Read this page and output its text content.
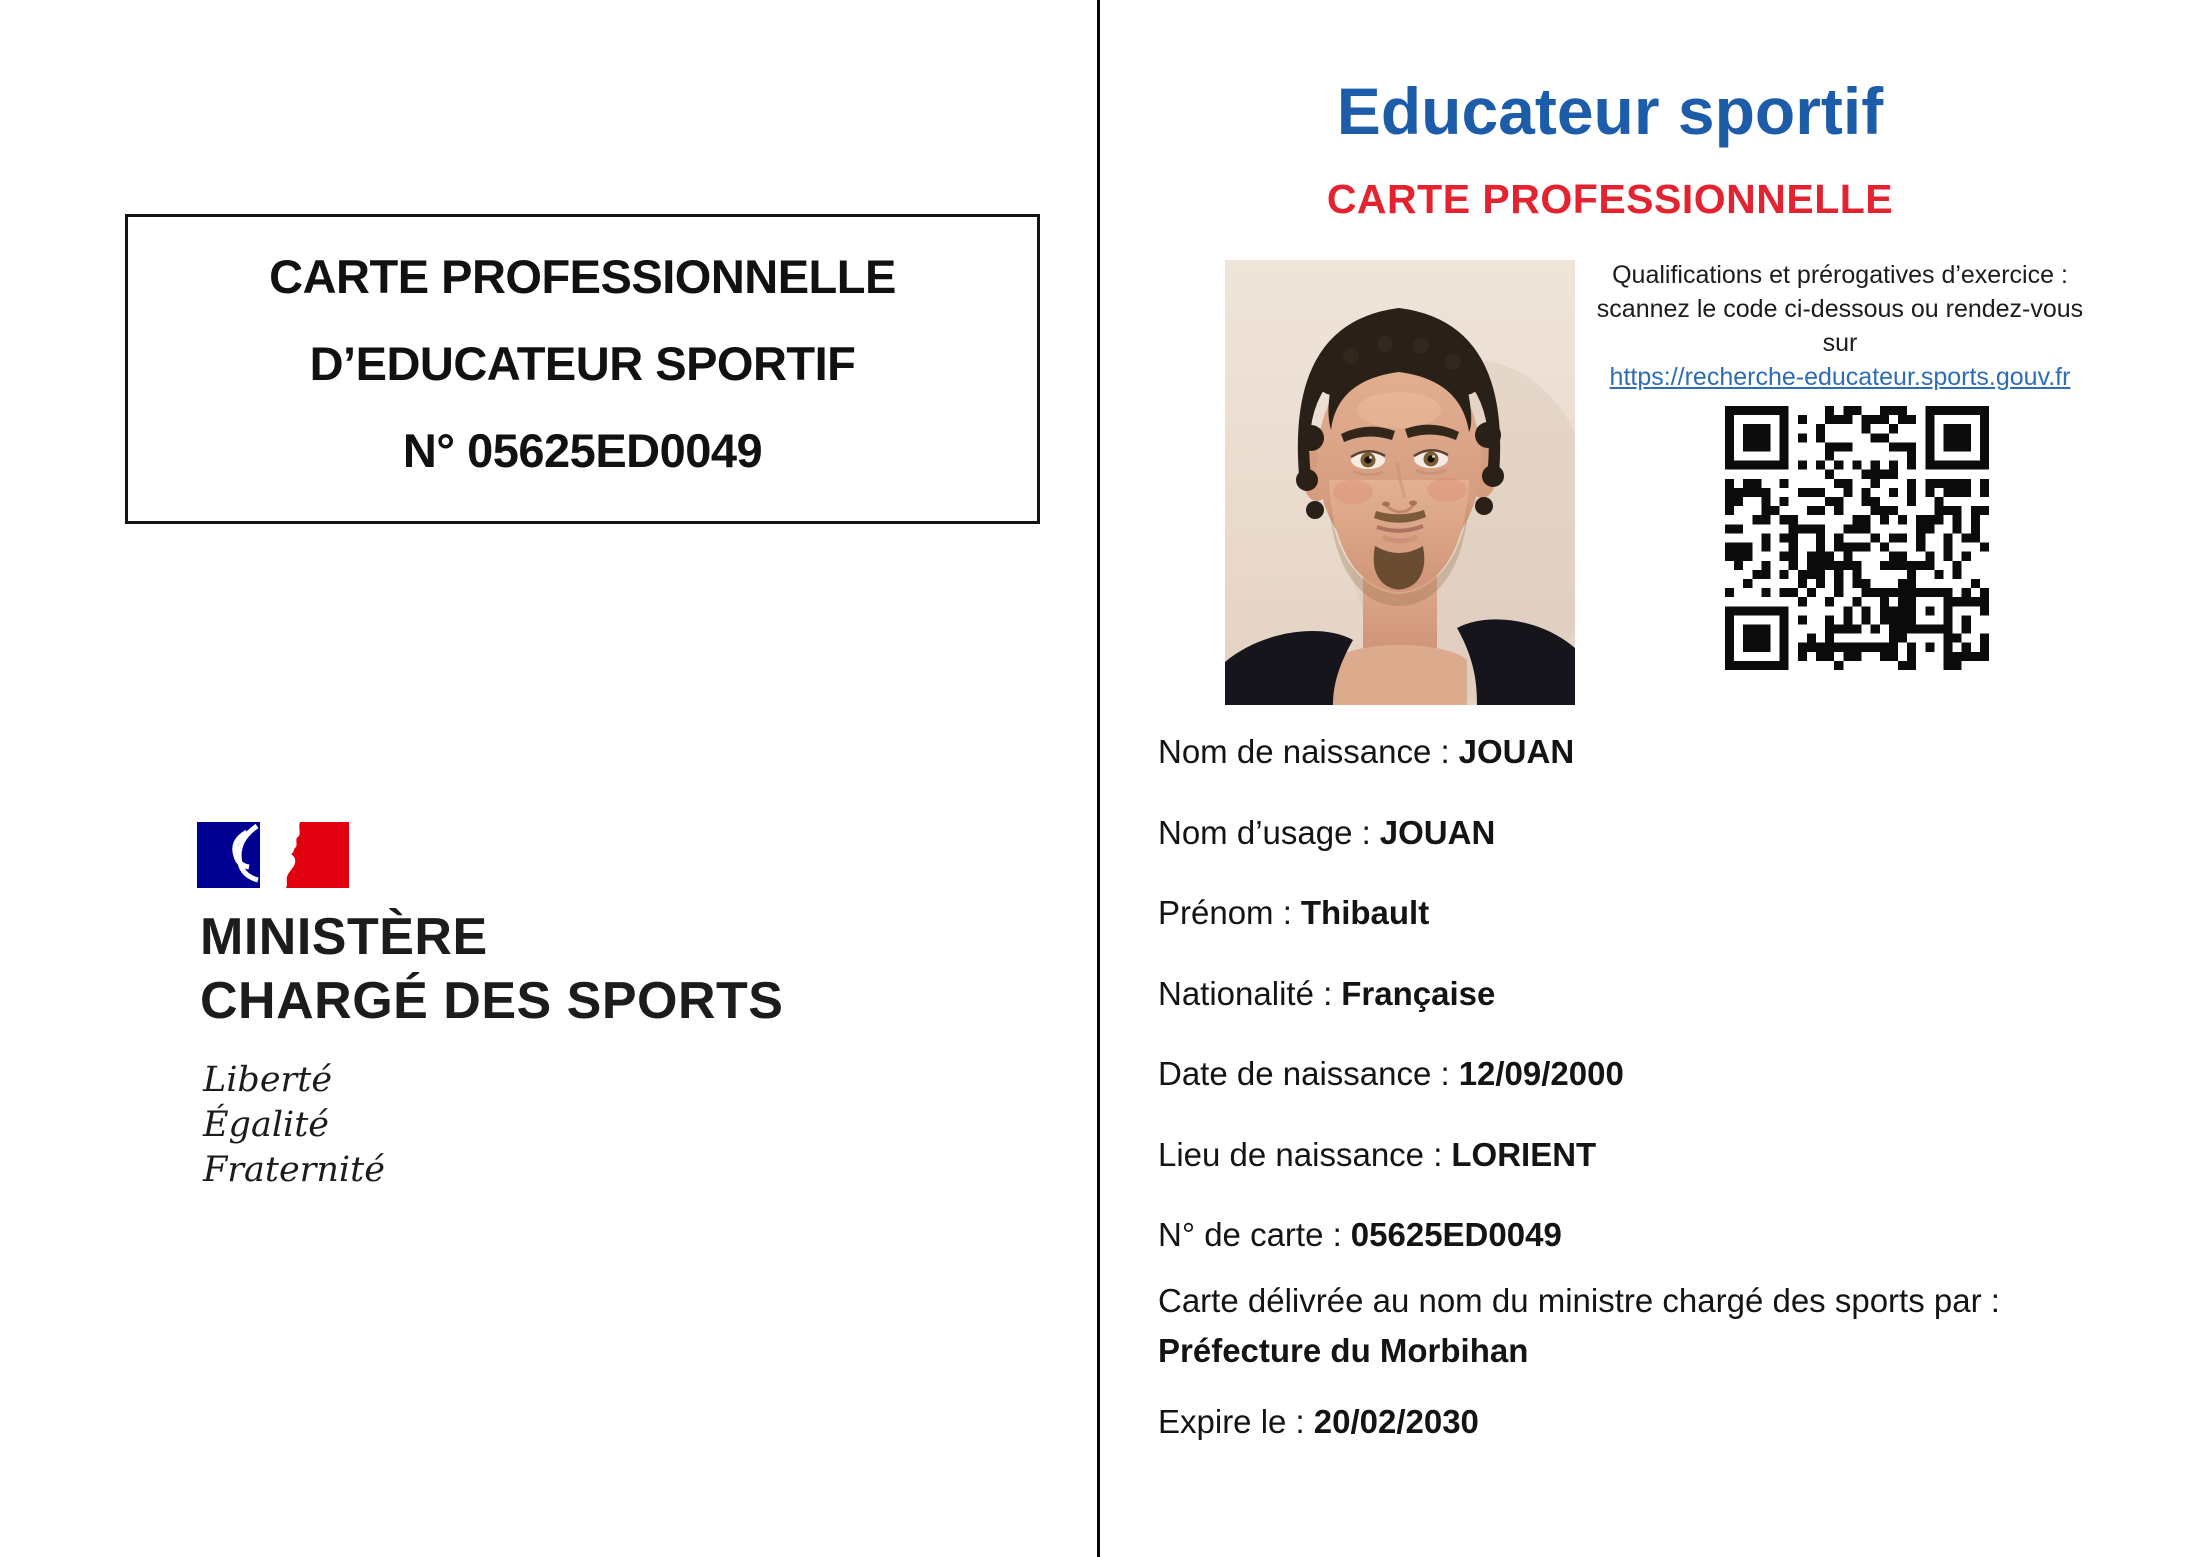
CARTE PROFESSIONNELLE
D’EDUCATEUR SPORTIF
N° 05625ED0049
MINISTÈRE
CHARGÉ DES SPORTS
Liberté
Égalité
Fraternité
Educateur sportif
CARTE PROFESSIONNELLE
Qualifications et prérogatives d’exercice :
scannez le code ci-dessous ou rendez-vous sur
https://recherche-educateur.sports.gouv.fr
Nom de naissance : JOUAN
Nom d’usage : JOUAN
Prénom : Thibault
Nationalité : Française
Date de naissance : 12/09/2000
Lieu de naissance : LORIENT
N° de carte : 05625ED0049
Carte délivrée au nom du ministre chargé des sports par :
Préfecture du Morbihan
Expire le : 20/02/2030
